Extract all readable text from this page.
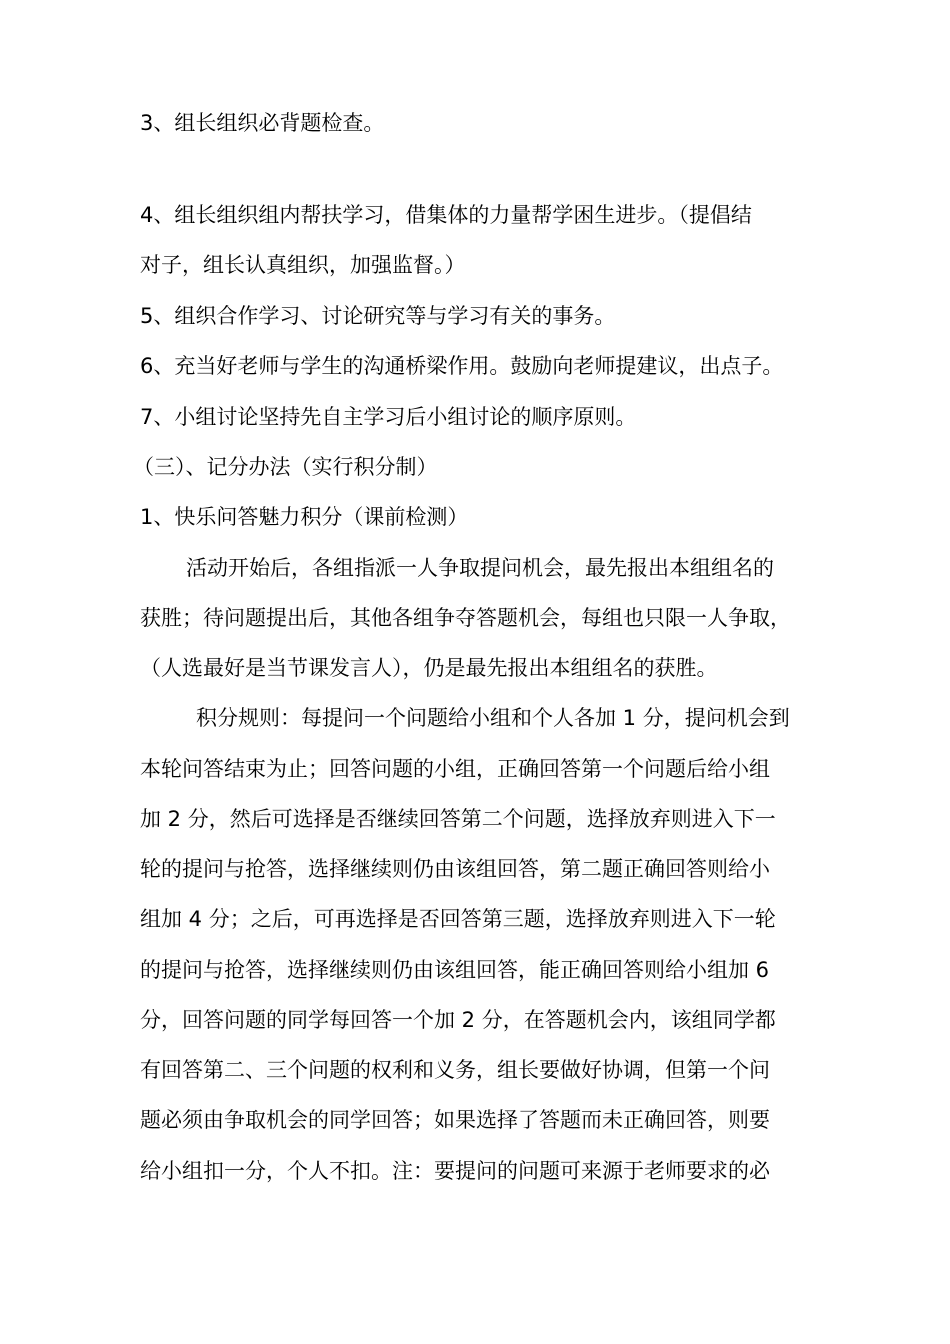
3、组长组织必背题检查。
4、组长组织组内帮扶学习，借集体的力量帮学困生进步。（提倡结
对子，组长认真组织，加强监督。）
5、组织合作学习、讨论研究等与学习有关的事务。
6、充当好老师与学生的沟通桥梁作用。鼓励向老师提建议，出点子。
7、小组讨论坚持先自主学习后小组讨论的顺序原则。
（三）、记分办法（实行积分制）
1、快乐问答魅力积分（课前检测）
活动开始后，各组指派一人争取提问机会，最先报出本组组名的
获胜；待问题提出后，其他各组争夺答题机会，每组也只限一人争取，
（人选最好是当节课发言人），仍是最先报出本组组名的获胜。
积分规则：每提问一个问题给小组和个人各加 1 分，提问机会到
本轮问答结束为止；回答问题的小组，正确回答第一个问题后给小组
加 2 分，然后可选择是否继续回答第二个问题，选择放弃则进入下一
轮的提问与抢答，选择继续则仍由该组回答，第二题正确回答则给小
组加 4 分；之后，可再选择是否回答第三题，选择放弃则进入下一轮
的提问与抢答，选择继续则仍由该组回答，能正确回答则给小组加 6
分，回答问题的同学每回答一个加 2 分，在答题机会内，该组同学都
有回答第二、三个问题的权利和义务，组长要做好协调，但第一个问
题必须由争取机会的同学回答；如果选择了答题而未正确回答，则要
给小组扣一分，个人不扣。注：要提问的问题可来源于老师要求的必
